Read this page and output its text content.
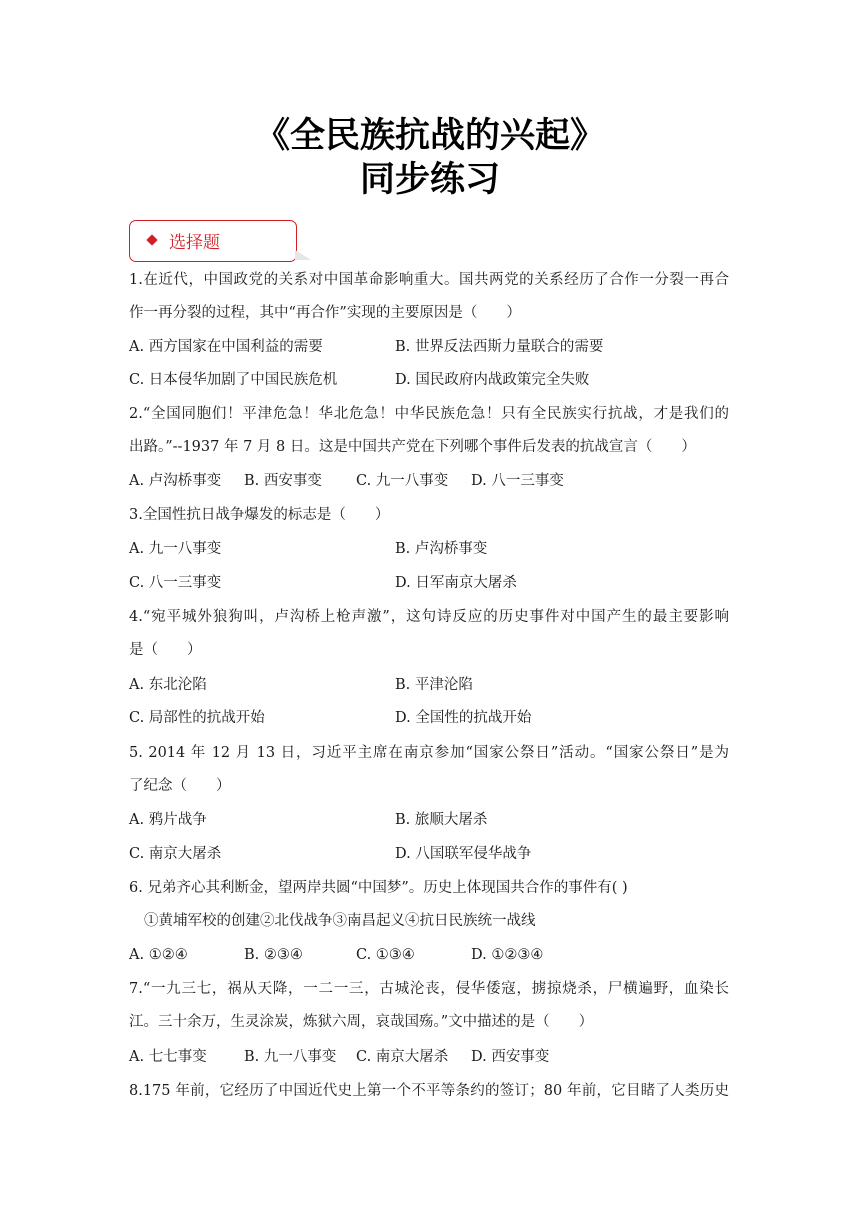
《全民族抗战的兴起》
同步练习
选择题
1.在近代，中国政党的关系对中国革命影响重大。国共两党的关系经历了合作一分裂一再合
作一再分裂的过程，其中“再合作”实现的主要原因是（　　）
A. 西方国家在中国利益的需要	B. 世界反法西斯力量联合的需要
C. 日本侵华加剧了中国民族危机	D. 国民政府内战政策完全失败
2.“全国同胞们！平津危急！华北危急！中华民族危急！只有全民族实行抗战，才是我们的
出路。”--1937 年 7 月 8 日。这是中国共产党在下列哪个事件后发表的抗战宣言（　　）
A. 卢沟桥事变 B. 西安事变 C. 九一八事变 D. 八一三事变
3.全国性抗日战争爆发的标志是（　　）
A. 九一八事变	B. 卢沟桥事变
C. 八一三事变	D. 日军南京大屠杀
4.“宛平城外狼狗叫，卢沟桥上枪声激”，这句诗反应的历史事件对中国产生的最主要影响
是（　　）
A. 东北沦陷	B. 平津沦陷
C. 局部性的抗战开始	D. 全国性的抗战开始
5. 2014 年 12 月 13 日，习近平主席在南京参加“国家公祭日”活动。“国家公祭日”是为
了纪念（　　）
A. 鸦片战争	B. 旅顺大屠杀
C. 南京大屠杀	D. 八国联军侵华战争
6. 兄弟齐心其利断金，望两岸共圆“中国梦”。历史上体现国共合作的事件有( )
①黄埔军校的创建②北伐战争③南昌起义④抗日民族统一战线
A. ①②④	B. ②③④	C. ①③④	D. ①②③④
7.“一九三七，祸从天降，一二一三，古城沦丧，侵华倭寇，掳掠烧杀，尸横遍野，血染长
江。三十余万，生灵涂炭，炼狱六周，哀哉国殇。”文中描述的是（　　）
A. 七七事变	B. 九一八事变 C. 南京大屠杀 D. 西安事变
8.175 年前，它经历了中国近代史上第一个不平等条约的签订；80 年前，它目睹了人类历史
